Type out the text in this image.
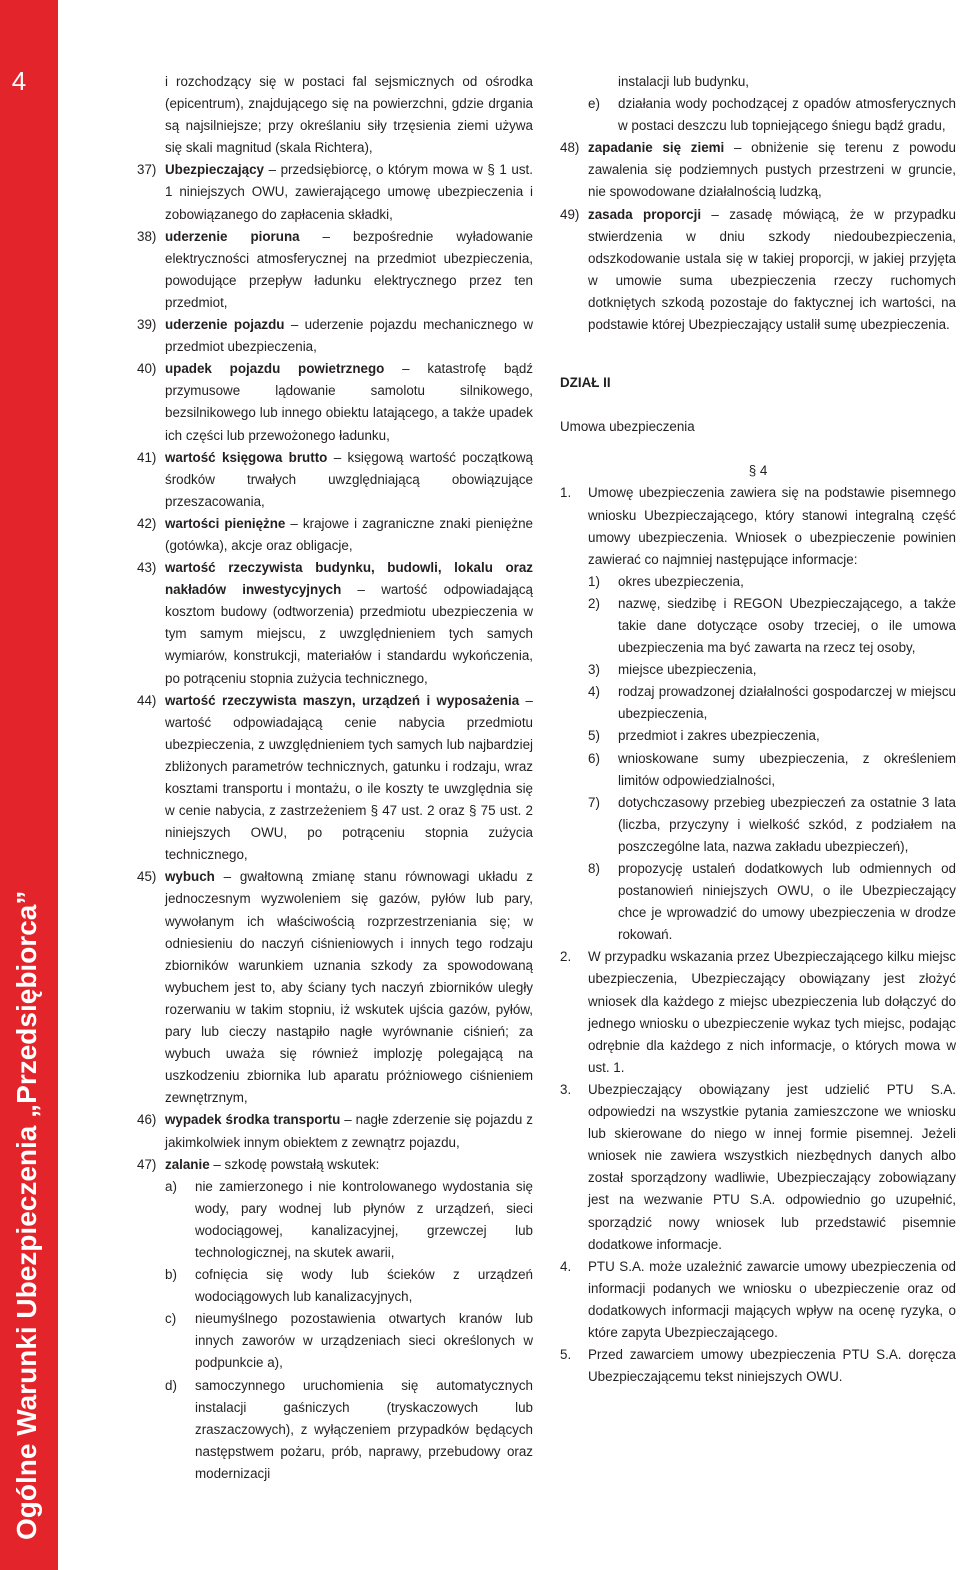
4
Ogólne Warunki Ubezpieczenia „Przedsiębiorca”

i rozchodzący się w postaci fal sejsmicznych od ośrodka (epicentrum), znajdującego się na powierzchni, gdzie drgania są najsilniejsze; przy określaniu siły trzęsienia ziemi używa się skali magnitud (skala Richtera),

37) Ubezpieczający – przedsiębiorcę, o którym mowa w § 1 ust. 1 niniejszych OWU, zawierającego umowę ubezpieczenia i zobowiązanego do zapłacenia składki,

38) uderzenie pioruna – bezpośrednie wyładowanie elektryczności atmosferycznej na przedmiot ubezpieczenia, powodujące przepływ ładunku elektrycznego przez ten przedmiot,

39) uderzenie pojazdu – uderzenie pojazdu mechanicznego w przedmiot ubezpieczenia,

40) upadek pojazdu powietrznego – katastrofę bądź przymusowe lądowanie samolotu silnikowego, bezsilnikowego lub innego obiektu latającego, a także upadek ich części lub przewożonego ładunku,

41) wartość księgowa brutto – księgową wartość początkową środków trwałych uwzględniającą obowiązujące przeszacowania,

42) wartości pieniężne – krajowe i zagraniczne znaki pieniężne (gotówka), akcje oraz obligacje,

43) wartość rzeczywista budynku, budowli, lokalu oraz nakładów inwestycyjnych – wartość odpowiadającą kosztom budowy (odtworzenia) przedmiotu ubezpieczenia w tym samym miejscu, z uwzględnieniem tych samych wymiarów, konstrukcji, materiałów i standardu wykończenia, po potrąceniu stopnia zużycia technicznego,

44) wartość rzeczywista maszyn, urządzeń i wyposażenia – wartość odpowiadającą cenie nabycia przedmiotu ubezpieczenia, z uwzględnieniem tych samych lub najbardziej zbliżonych parametrów technicznych, gatunku i rodzaju, wraz kosztami transportu i montażu, o ile koszty te uwzględnia się w cenie nabycia, z zastrzeżeniem § 47 ust. 2 oraz § 75 ust. 2 niniejszych OWU, po potrąceniu stopnia zużycia technicznego,

45) wybuch – gwałtowną zmianę stanu równowagi układu z jednoczesnym wyzwoleniem się gazów, pyłów lub pary, wywołanym ich właściwością rozprzestrzeniania się; w odniesieniu do naczyń ciśnieniowych i innych tego rodzaju zbiorników warunkiem uznania szkody za spowodowaną wybuchem jest to, aby ściany tych naczyń zbiorników uległy rozerwaniu w takim stopniu, iż wskutek ujścia gazów, pyłów, pary lub cieczy nastąpiło nagłe wyrównanie ciśnień; za wybuch uważa się również implozję polegającą na uszkodzeniu zbiornika lub aparatu próżniowego ciśnieniem zewnętrznym,

46) wypadek środka transportu – nagłe zderzenie się pojazdu z jakimkolwiek innym obiektem z zewnątrz pojazdu,

47) zalanie – szkodę powstałą wskutek:

a) nie zamierzonego i nie kontrolowanego wydostania się wody, pary wodnej lub płynów z urządzeń, sieci wodociągowej, kanalizacyjnej, grzewczej lub technologicznej, na skutek awarii,

b) cofnięcia się wody lub ścieków z urządzeń wodociągowych lub kanalizacyjnych,

c) nieumyślnego pozostawienia otwartych kranów lub innych zaworów w urządzeniach sieci określonych w podpunkcie a),

d) samoczynnego uruchomienia się automatycznych instalacji gaśniczych (tryskaczowych lub zraszaczowych), z wyłączeniem przypadków będących następstwem pożaru, prób, naprawy, przebudowy oraz modernizacji

instalacji lub budynku,

e) działania wody pochodzącej z opadów atmosferycznych w postaci deszczu lub topniejącego śniegu bądź gradu,

48) zapadanie się ziemi – obniżenie się terenu z powodu zawalenia się podziemnych pustych przestrzeni w gruncie, nie spowodowane działalnością ludzką,

49) zasada proporcji – zasadę mówiącą, że w przypadku stwierdzenia w dniu szkody niedoubezpieczenia, odszkodowanie ustala się w takiej proporcji, w jakiej przyjęta w umowie suma ubezpieczenia rzeczy ruchomych dotkniętych szkodą pozostaje do faktycznej ich wartości, na podstawie której Ubezpieczający ustalił sumę ubezpieczenia.

DZIAŁ II

Umowa ubezpieczenia

§ 4

1. Umowę ubezpieczenia zawiera się na podstawie pisemnego wniosku Ubezpieczającego, który stanowi integralną część umowy ubezpieczenia. Wniosek o ubezpieczenie powinien zawierać co najmniej następujące informacje:

1) okres ubezpieczenia,

2) nazwę, siedzibę i REGON Ubezpieczającego, a także takie dane dotyczące osoby trzeciej, o ile umowa ubezpieczenia ma być zawarta na rzecz tej osoby,

3) miejsce ubezpieczenia,

4) rodzaj prowadzonej działalności gospodarczej w miejscu ubezpieczenia,

5) przedmiot i zakres ubezpieczenia,

6) wnioskowane sumy ubezpieczenia, z określeniem limitów odpowiedzialności,

7) dotychczasowy przebieg ubezpieczeń za ostatnie 3 lata (liczba, przyczyny i wielkość szkód, z podziałem na poszczególne lata, nazwa zakładu ubezpieczeń),

8) propozycję ustaleń dodatkowych lub odmiennych od postanowień niniejszych OWU, o ile Ubezpieczający chce je wprowadzić do umowy ubezpieczenia w drodze rokowań.

2. W przypadku wskazania przez Ubezpieczającego kilku miejsc ubezpieczenia, Ubezpieczający obowiązany jest złożyć wniosek dla każdego z miejsc ubezpieczenia lub dołączyć do jednego wniosku o ubezpieczenie wykaz tych miejsc, podając odrębnie dla każdego z nich informacje, o których mowa w ust. 1.

3. Ubezpieczający obowiązany jest udzielić PTU S.A. odpowiedzi na wszystkie pytania zamieszczone we wniosku lub skierowane do niego w innej formie pisemnej. Jeżeli wniosek nie zawiera wszystkich niezbędnych danych albo został sporządzony wadliwie, Ubezpieczający zobowiązany jest na wezwanie PTU S.A. odpowiednio go uzupełnić, sporządzić nowy wniosek lub przedstawić pisemnie dodatkowe informacje.

4. PTU S.A. może uzależnić zawarcie umowy ubezpieczenia od informacji podanych we wniosku o ubezpieczenie oraz od dodatkowych informacji mających wpływ na ocenę ryzyka, o które zapyta Ubezpieczającego.

5. Przed zawarciem umowy ubezpieczenia PTU S.A. doręcza Ubezpieczającemu tekst niniejszych OWU.
